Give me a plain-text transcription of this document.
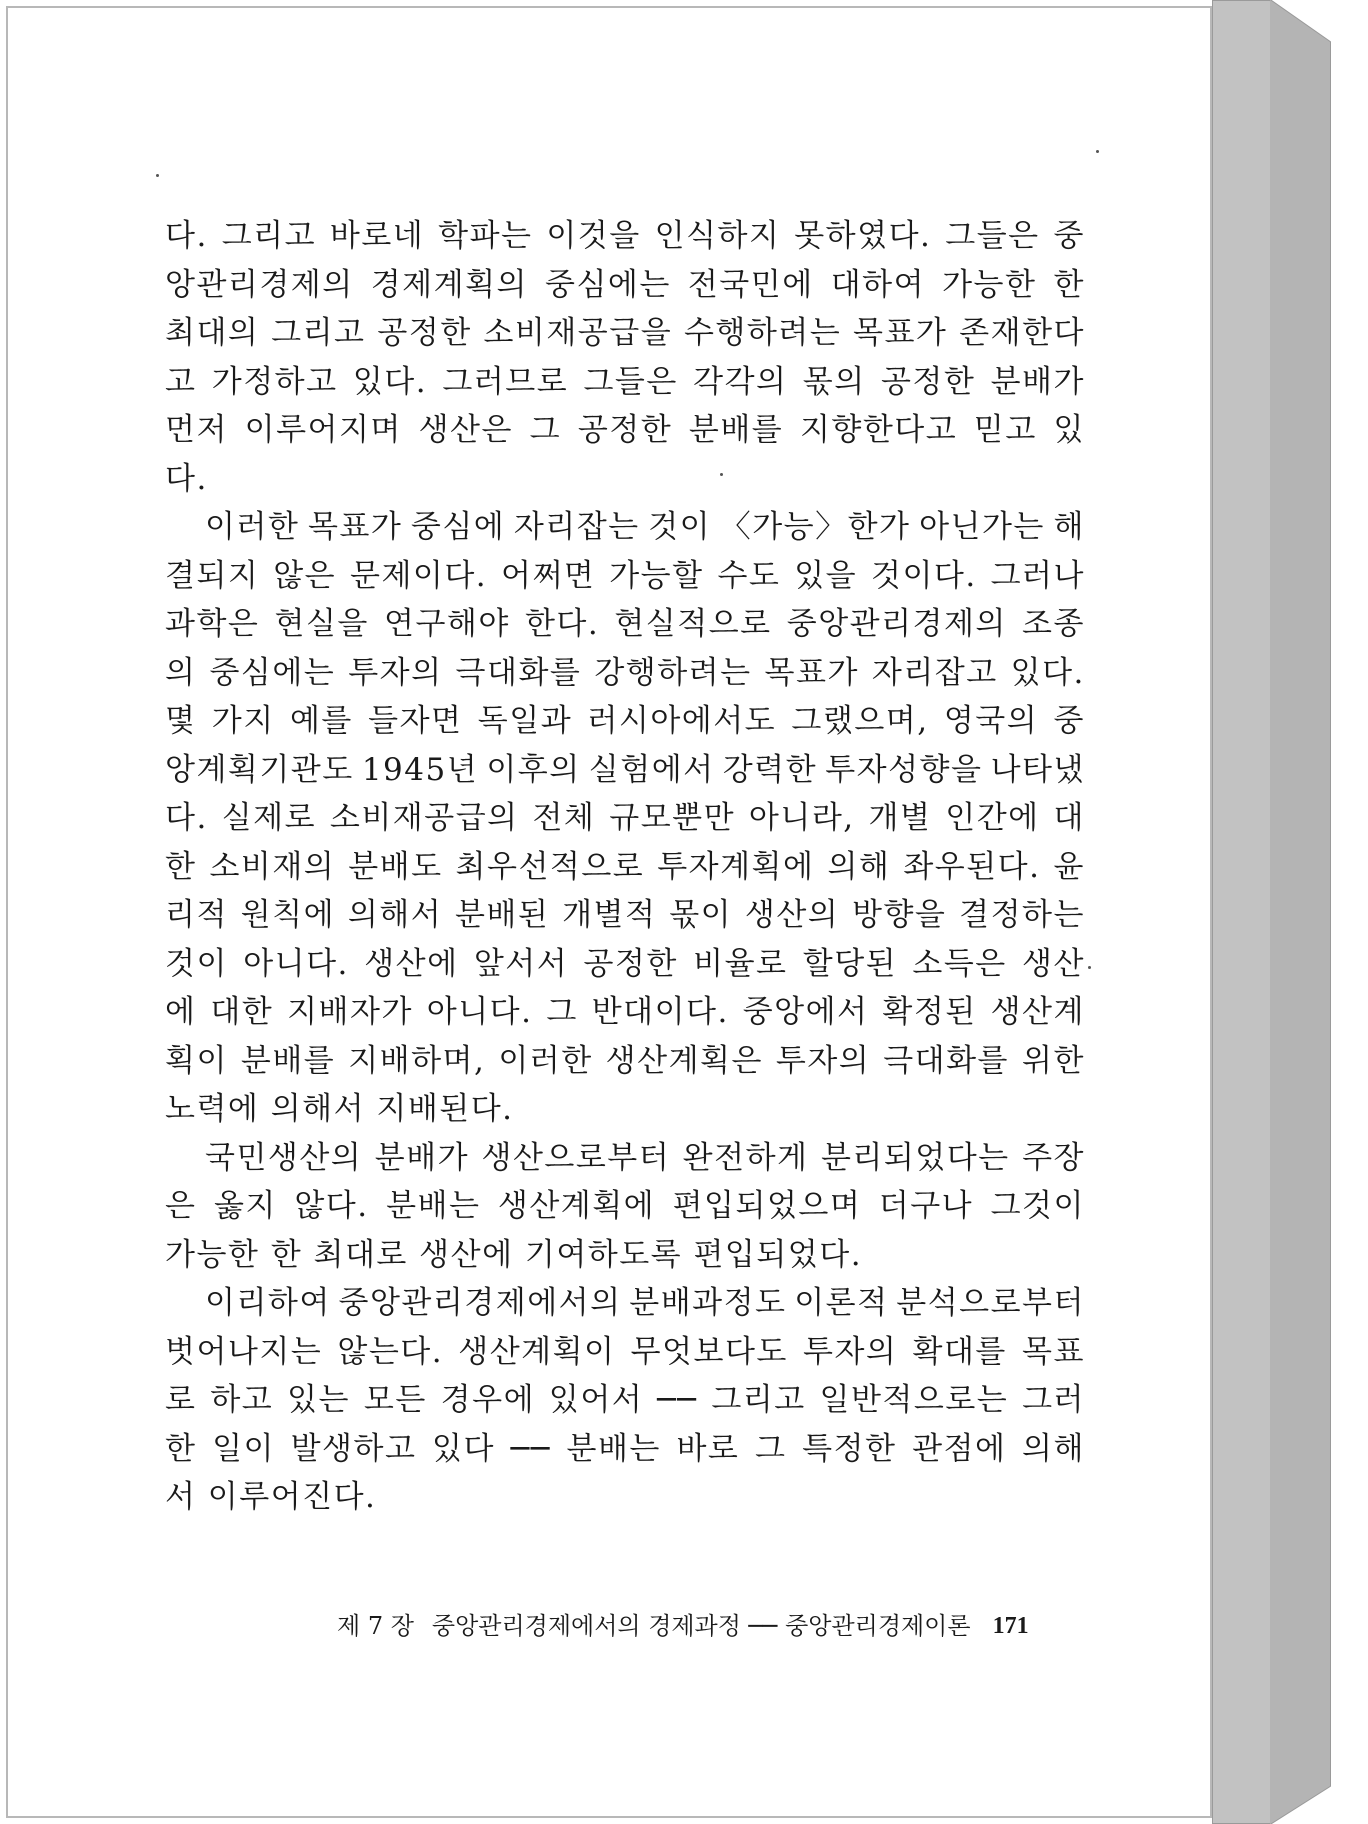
다. 그리고 바로네 학파는 이것을 인식하지 못하였다. 그들은 중
앙관리경제의 경제계획의 중심에는 전국민에 대하여 가능한 한
최대의 그리고 공정한 소비재공급을 수행하려는 목표가 존재한다
고 가정하고 있다. 그러므로 그들은 각각의 몫의 공정한 분배가
먼저 이루어지며 생산은 그 공정한 분배를 지향한다고 믿고 있
다.
이러한 목표가 중심에 자리잡는 것이 〈가능〉한가 아닌가는 해
결되지 않은 문제이다. 어쩌면 가능할 수도 있을 것이다. 그러나
과학은 현실을 연구해야 한다. 현실적으로 중앙관리경제의 조종
의 중심에는 투자의 극대화를 강행하려는 목표가 자리잡고 있다.
몇 가지 예를 들자면 독일과 러시아에서도 그랬으며, 영국의 중
앙계획기관도 1945년 이후의 실험에서 강력한 투자성향을 나타냈
다. 실제로 소비재공급의 전체 규모뿐만 아니라, 개별 인간에 대
한 소비재의 분배도 최우선적으로 투자계획에 의해 좌우된다. 윤
리적 원칙에 의해서 분배된 개별적 몫이 생산의 방향을 결정하는
것이 아니다. 생산에 앞서서 공정한 비율로 할당된 소득은 생산
에 대한 지배자가 아니다. 그 반대이다. 중앙에서 확정된 생산계
획이 분배를 지배하며, 이러한 생산계획은 투자의 극대화를 위한
노력에 의해서 지배된다.
국민생산의 분배가 생산으로부터 완전하게 분리되었다는 주장
은 옳지 않다. 분배는 생산계획에 편입되었으며 더구나 그것이
가능한 한 최대로 생산에 기여하도록 편입되었다.
이리하여 중앙관리경제에서의 분배과정도 이론적 분석으로부터
벗어나지는 않는다. 생산계획이 무엇보다도 투자의 확대를 목표
로 하고 있는 모든 경우에 있어서 ── 그리고 일반적으로는 그러
한 일이 발생하고 있다 ── 분배는 바로 그 특정한 관점에 의해
서 이루어진다.
제 7 장 중앙관리경제에서의 경제과정 ── 중앙관리경제이론 171
